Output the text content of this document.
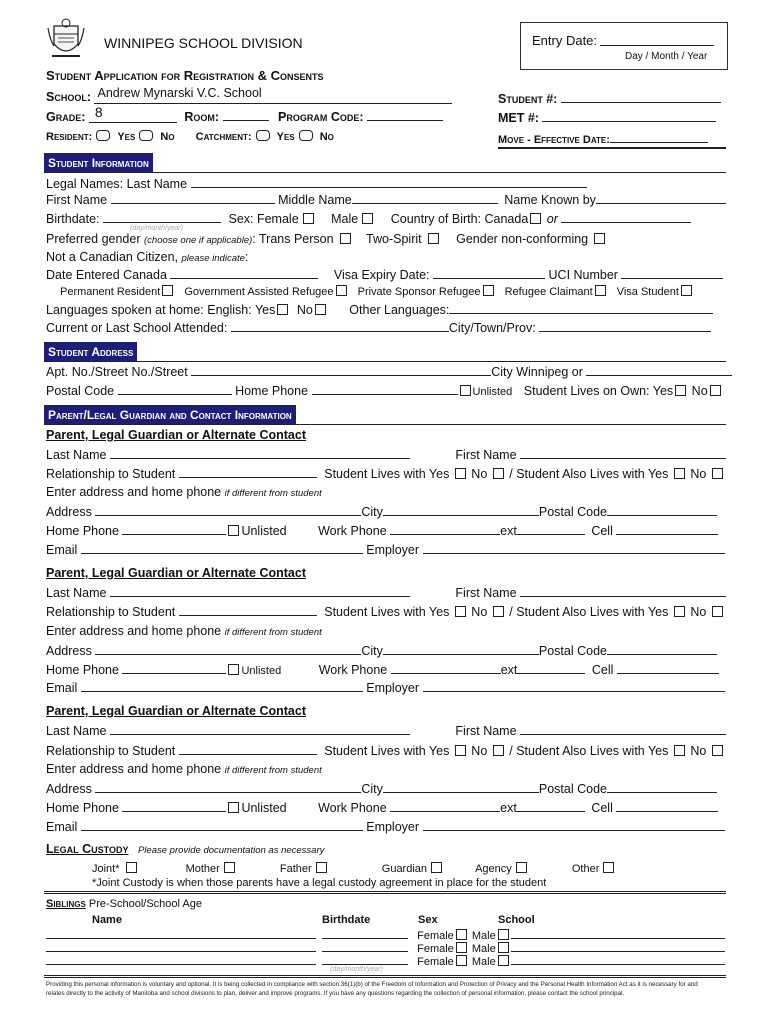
WINNIPEG SCHOOL DIVISION	Entry Date:
Day / Month / Year
Student Application for Registration & Consents
School: Andrew Mynarski V.C. School
Grade: 8	Room:	Program Code:
Resident: Yes No Catchment: Yes No
Student #:
MET #:
Move - Effective Date:
Student Information
Legal Names: Last Name
First Name	Middle Name	Name Known by
Birthdate:	Sex: Female	Male	Country of Birth: Canada or
(day/month/year)
Preferred gender (choose one if applicable): Trans Person	Two-Spirit	Gender non-conforming
Not a Canadian Citizen, please indicate:
Date Entered Canada	Visa Expiry Date:	UCI Number
Permanent Resident Government Assisted Refugee Private Sponsor Refugee Refugee Claimant Visa Student
Languages spoken at home: English: Yes No	Other Languages:
Current or Last School Attended:	City/Town/Prov:
Student Address
Apt. No./Street No./Street	City Winnipeg or
Postal Code	Home Phone	Unlisted Student Lives on Own: Yes No
Parent/Legal Guardian and Contact Information
Parent, Legal Guardian or Alternate Contact
Last Name	First Name
Relationship to Student	Student Lives with Yes No / Student Also Lives with Yes No
Enter address and home phone if different from student
Address	City	Postal Code
Home Phone	Unlisted	Work Phone	ext	Cell
Email	Employer
Parent, Legal Guardian or Alternate Contact
Last Name	First Name
Relationship to Student	Student Lives with Yes No / Student Also Lives with Yes No
Enter address and home phone if different from student
Address	City	Postal Code
Home Phone	Unlisted	Work Phone	ext	Cell
Email	Employer
Parent, Legal Guardian or Alternate Contact
Last Name	First Name
Relationship to Student	Student Lives with Yes No / Student Also Lives with Yes No
Enter address and home phone if different from student
Address	City	Postal Code
Home Phone	Unlisted	Work Phone	ext	Cell
Email	Employer
Legal Custody Please provide documentation as necessary
Joint*	Mother	Father	Guardian	Agency	Other
*Joint Custody is when those parents have a legal custody agreement in place for the student
Siblings Pre-School/School Age
Name	Birthdate	Sex	School
Female Male
Female Male
Female Male
(day/month/year)
Providing this personal information is voluntary and optional. It is being collected in compliance with section 36(1)(b) of the Freedom of Information and Protection of Privacy and the Personal Health Information Act as it is necessary for and
relates directly to the activity of Manitoba and school divisions to plan, deliver and improve programs. If you have any questions regarding the collection of personal information, please contact the school principal.
